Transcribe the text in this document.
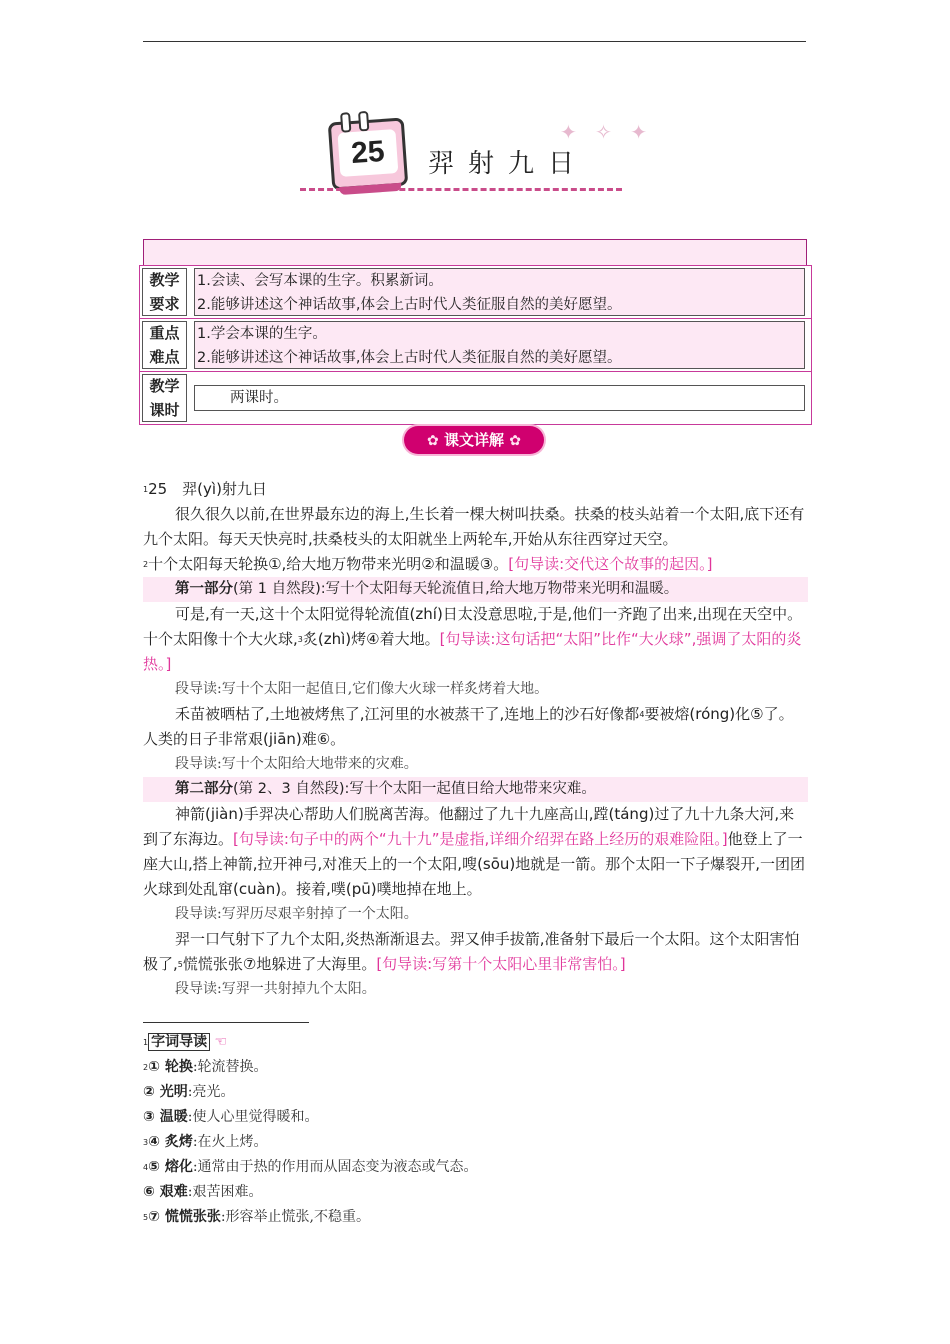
✦ ✧ ✦
25	羿射九日
教学
要求
1.会读、会写本课的生字。积累新词。
2.能够讲述这个神话故事,体会上古时代人类征服自然的美好愿望。
重点
难点
1.学会本课的生字。
2.能够讲述这个神话故事,体会上古时代人类征服自然的美好愿望。
教学
课时
两课时。
✿ 课文详解 ✿
$^1$25　羿(yì)射九日
很久很久以前,在世界最东边的海上,生长着一棵大树叫扶桑。扶桑的枝头站着一个太阳,底下还有九个太阳。每天天快亮时,扶桑枝头的太阳就坐上两轮车,开始从东往西穿过天空。
$^2$十个太阳每天轮换①,给大地万物带来光明②和温暖③。[句导读:交代这个故事的起因。]
第一部分(第 1 自然段):写十个太阳每天轮流值日,给大地万物带来光明和温暖。
可是,有一天,这十个太阳觉得轮流值(zhí)日太没意思啦,于是,他们一齐跑了出来,出现在天空中。十个太阳像十个大火球,$^3$炙(zhì)烤④着大地。[句导读:这句话把“太阳”比作“大火球”,强调了太阳的炎热。]
段导读:写十个太阳一起值日,它们像大火球一样炙烤着大地。
禾苗被晒枯了,土地被烤焦了,江河里的水被蒸干了,连地上的沙石好像都$^4$要被熔(róng)化⑤了。人类的日子非常艰(jiān)难⑥。
段导读:写十个太阳给大地带来的灾难。
第二部分(第 2、3 自然段):写十个太阳一起值日给大地带来灾难。
神箭(jiàn)手羿决心帮助人们脱离苦海。他翻过了九十九座高山,蹚(táng)过了九十九条大河,来到了东海边。[句导读:句子中的两个“九十九”是虚指,详细介绍羿在路上经历的艰难险阻。]他登上了一座大山,搭上神箭,拉开神弓,对准天上的一个太阳,嗖(sōu)地就是一箭。那个太阳一下子爆裂开,一团团火球到处乱窜(cuàn)。接着,噗(pū)噗地掉在地上。
段导读:写羿历尽艰辛射掉了一个太阳。
羿一口气射下了九个太阳,炎热渐渐退去。羿又伸手拔箭,准备射下最后一个太阳。这个太阳害怕极了,$^5$慌慌张张⑦地躲进了大海里。[句导读:写第十个太阳心里非常害怕。]
段导读:写羿一共射掉九个太阳。
$^1$ 字词导读 ☜
$^2$① 轮换:轮流替换。
② 光明:亮光。
③ 温暖:使人心里觉得暖和。
$^3$④ 炙烤:在火上烤。
$^4$⑤ 熔化:通常由于热的作用而从固态变为液态或气态。
⑥ 艰难:艰苦困难。
$^5$⑦ 慌慌张张:形容举止慌张,不稳重。
